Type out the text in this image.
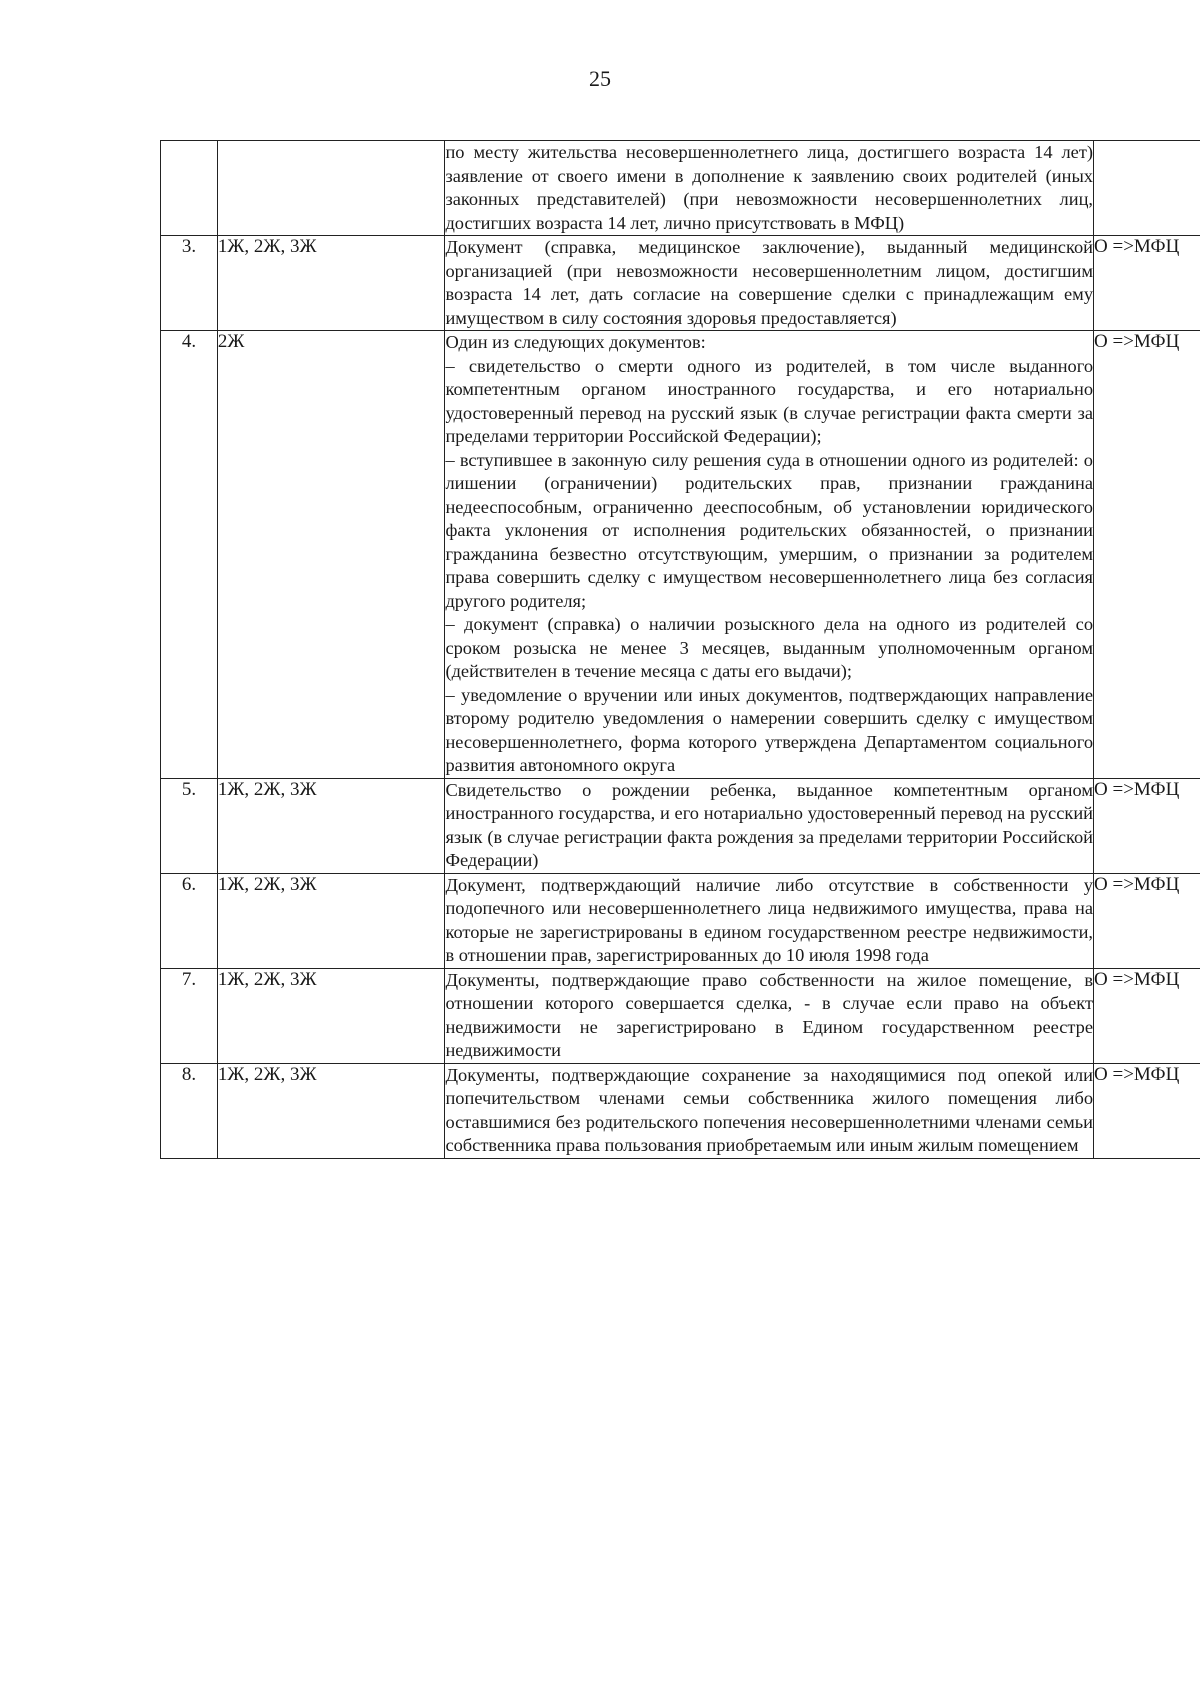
25

		по месту жительства несовершеннолетнего лица, достигшего возраста 14 лет) заявление от своего имени в дополнение к заявлению своих родителей (иных законных представителей) (при невозможности несовершеннолетних лиц, достигших возраста 14 лет, лично присутствовать в МФЦ)	

3.	1Ж, 2Ж, 3Ж	Документ (справка, медицинское заключение), выданный медицинской организацией (при невозможности несовершеннолетним лицом, достигшим возраста 14 лет, дать согласие на совершение сделки с принадлежащим ему имуществом в силу состояния здоровья предоставляется)	О =>МФЦ
4.	2Ж	Один из следующих документов:
– свидетельство о смерти одного из родителей, в том числе выданного компетентным органом иностранного государства, и его нотариально удостоверенный перевод на русский язык (в случае регистрации факта смерти за пределами территории Российской Федерации);
– вступившее в законную силу решения суда в отношении одного из родителей: о лишении (ограничении) родительских прав, признании гражданина недееспособным, ограниченно дееспособным, об установлении юридического факта уклонения от исполнения родительских обязанностей, о признании гражданина безвестно отсутствующим, умершим, о признании за родителем права совершить сделку с имуществом несовершеннолетнего лица без согласия другого родителя;
– документ (справка) о наличии розыскного дела на одного из родителей со сроком розыска не менее 3 месяцев, выданным уполномоченным органом (действителен в течение месяца с даты его выдачи);
– уведомление о вручении или иных документов, подтверждающих направление второму родителю уведомления о намерении совершить сделку с имуществом несовершеннолетнего, форма которого утверждена Департаментом социального развития автономного округа	О =>МФЦ
5.	1Ж, 2Ж, 3Ж	Свидетельство о рождении ребенка, выданное компетентным органом иностранного государства, и его нотариально удостоверенный перевод на русский язык (в случае регистрации факта рождения за пределами территории Российской Федерации)	О =>МФЦ
6.	1Ж, 2Ж, 3Ж	Документ, подтверждающий наличие либо отсутствие в собственности у подопечного или несовершеннолетнего лица недвижимого имущества, права на которые не зарегистрированы в едином государственном реестре недвижимости, в отношении прав, зарегистрированных до 10 июля 1998 года	О =>МФЦ
7.	1Ж, 2Ж, 3Ж	Документы, подтверждающие право собственности на жилое помещение, в отношении которого совершается сделка, - в случае если право на объект недвижимости не зарегистрировано в Едином государственном реестре недвижимости	О =>МФЦ
8.	1Ж, 2Ж, 3Ж	Документы, подтверждающие сохранение за находящимися под опекой или попечительством членами семьи собственника жилого помещения либо оставшимися без родительского попечения несовершеннолетними членами семьи собственника права пользования приобретаемым или иным жилым помещением	О =>МФЦ
